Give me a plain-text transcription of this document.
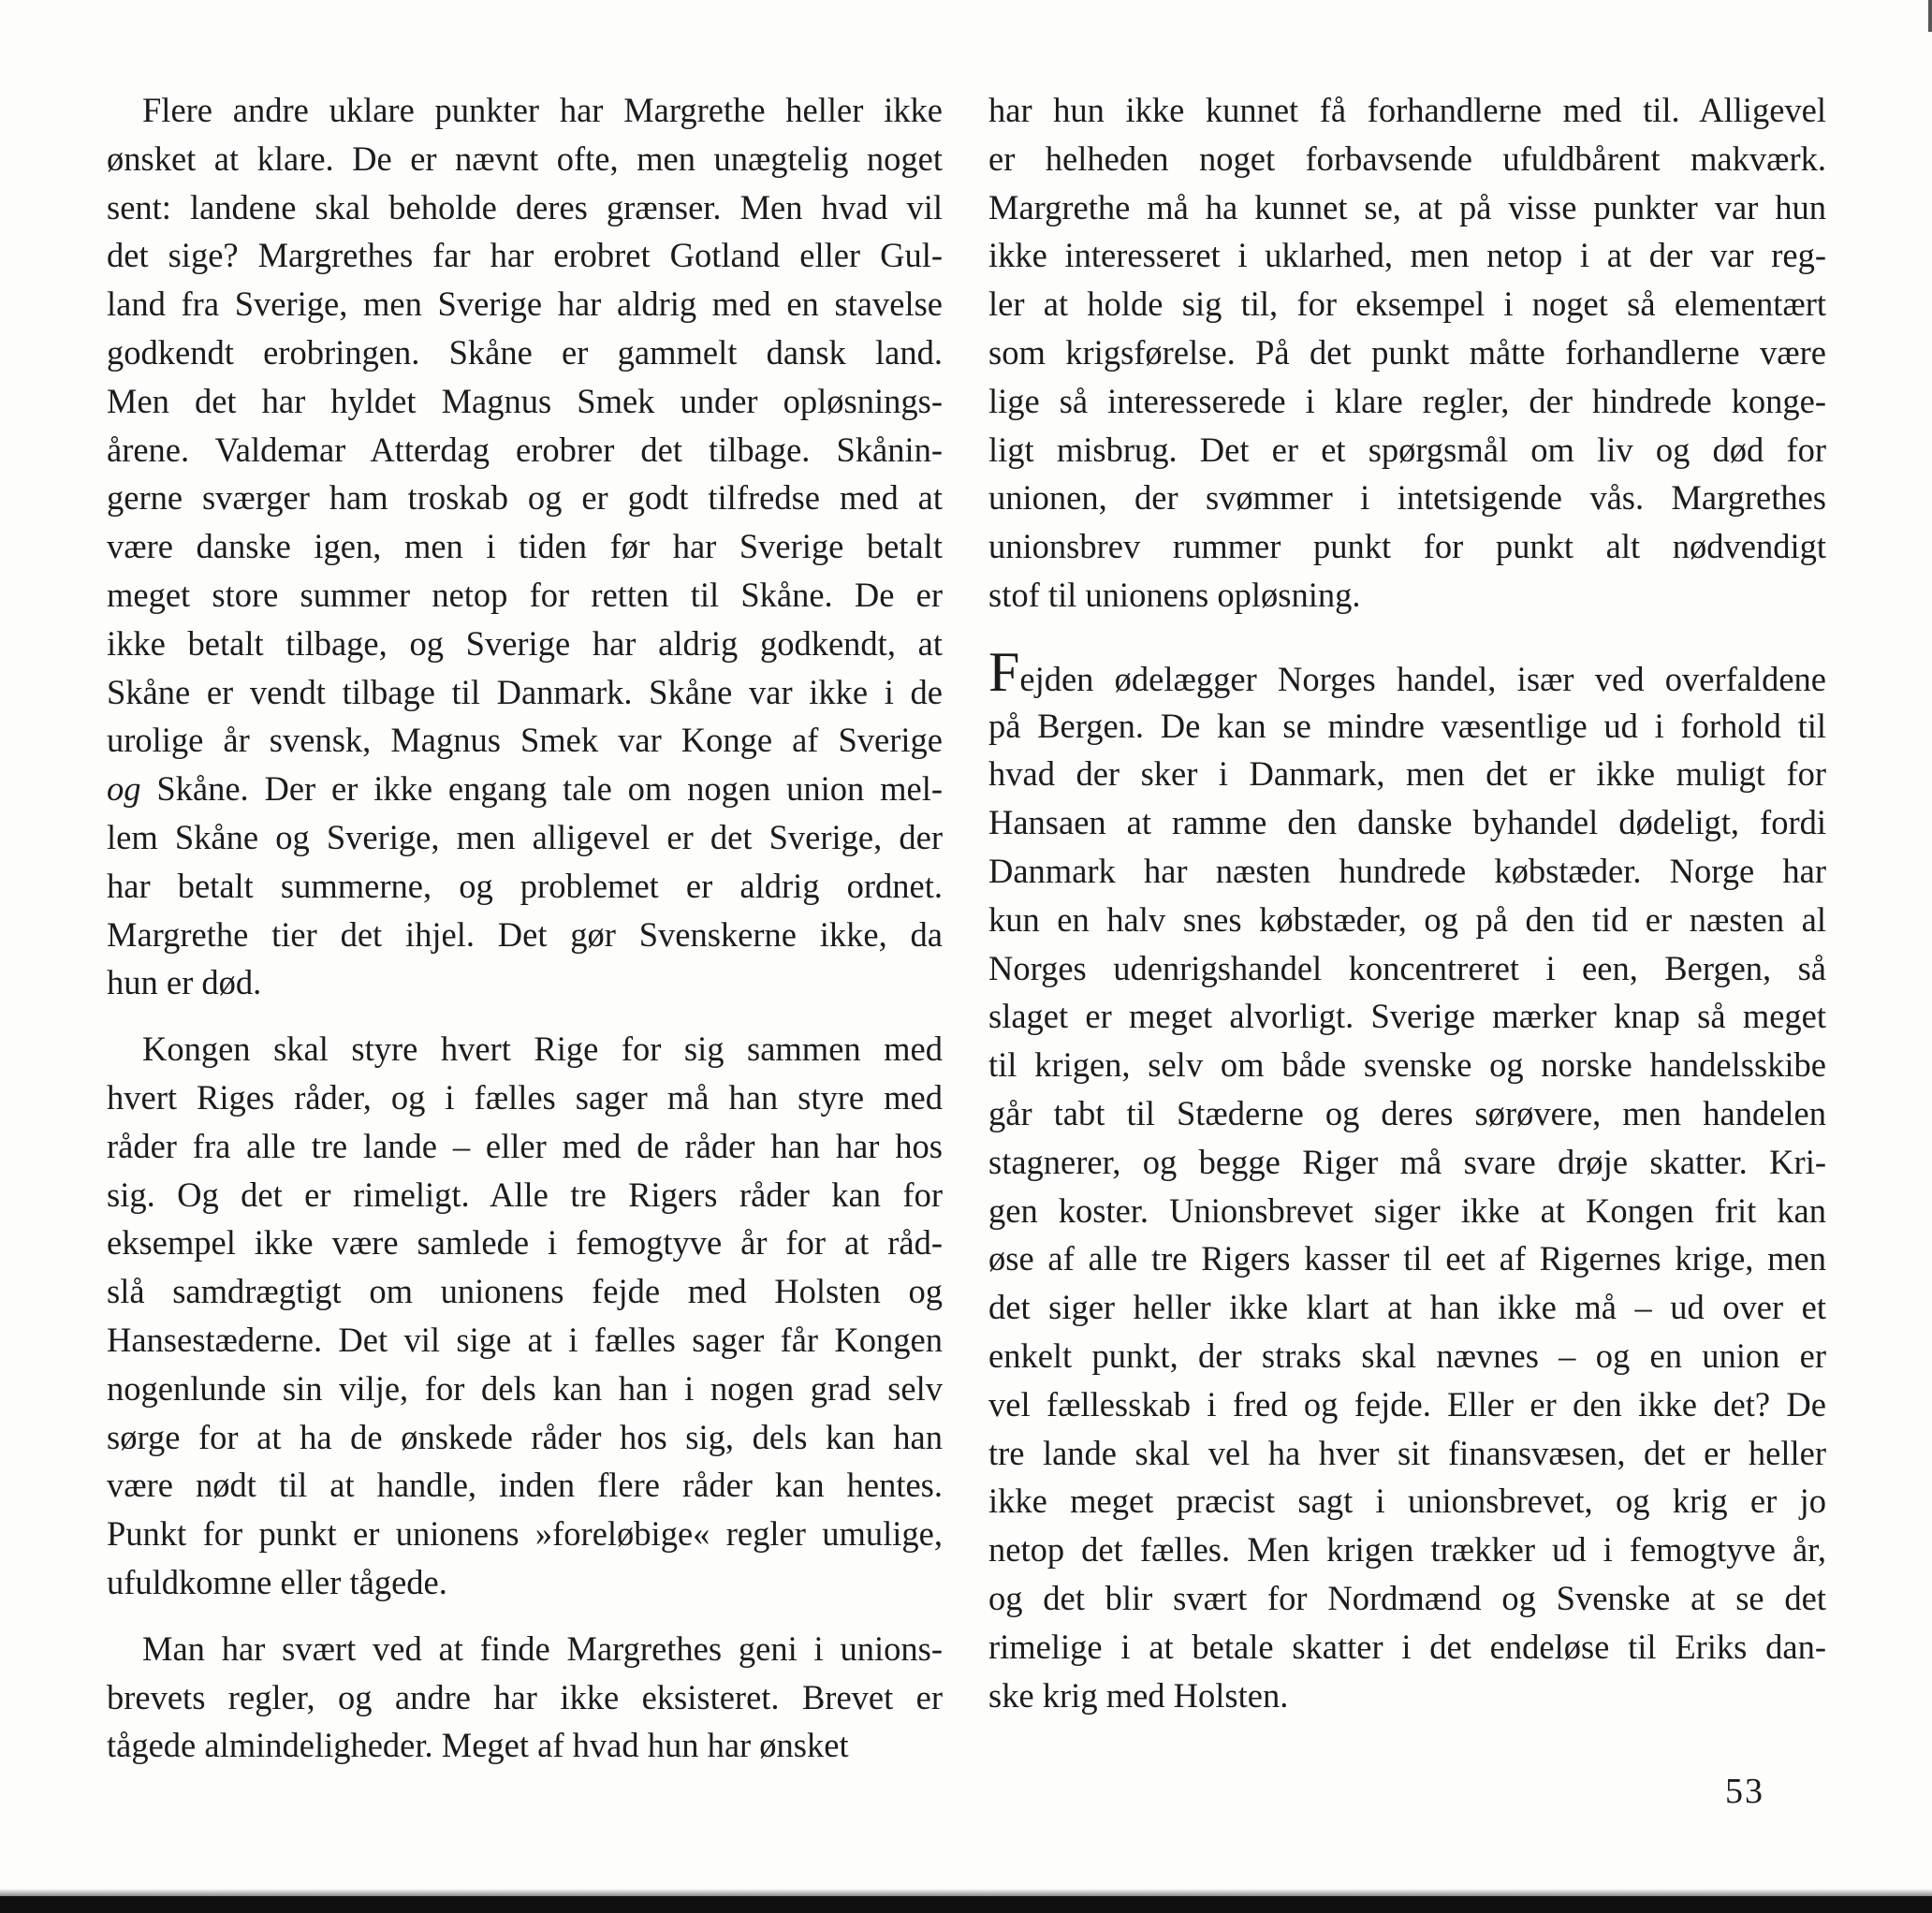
Flere andre uklare punkter har Margrethe heller ikke
ønsket at klare. De er nævnt ofte, men unægtelig noget
sent: landene skal beholde deres grænser. Men hvad vil
det sige? Margrethes far har erobret Gotland eller Gul-
land fra Sverige, men Sverige har aldrig med en stavelse
godkendt erobringen. Skåne er gammelt dansk land.
Men det har hyldet Magnus Smek under opløsnings-
årene. Valdemar Atterdag erobrer det tilbage. Skånin-
gerne sværger ham troskab og er godt tilfredse med at
være danske igen, men i tiden før har Sverige betalt
meget store summer netop for retten til Skåne. De er
ikke betalt tilbage, og Sverige har aldrig godkendt, at
Skåne er vendt tilbage til Danmark. Skåne var ikke i de
urolige år svensk, Magnus Smek var Konge af Sverige
og Skåne. Der er ikke engang tale om nogen union mel-
lem Skåne og Sverige, men alligevel er det Sverige, der
har betalt summerne, og problemet er aldrig ordnet.
Margrethe tier det ihjel. Det gør Svenskerne ikke, da
hun er død.
Kongen skal styre hvert Rige for sig sammen med
hvert Riges råder, og i fælles sager må han styre med
råder fra alle tre lande – eller med de råder han har hos
sig. Og det er rimeligt. Alle tre Rigers råder kan for
eksempel ikke være samlede i femogtyve år for at råd-
slå samdrægtigt om unionens fejde med Holsten og
Hansestæderne. Det vil sige at i fælles sager får Kongen
nogenlunde sin vilje, for dels kan han i nogen grad selv
sørge for at ha de ønskede råder hos sig, dels kan han
være nødt til at handle, inden flere råder kan hentes.
Punkt for punkt er unionens »foreløbige« regler umulige,
ufuldkomne eller tågede.
Man har svært ved at finde Margrethes geni i unions-
brevets regler, og andre har ikke eksisteret. Brevet er
tågede almindeligheder. Meget af hvad hun har ønsket
har hun ikke kunnet få forhandlerne med til. Alligevel
er helheden noget forbavsende ufuldbårent makværk.
Margrethe må ha kunnet se, at på visse punkter var hun
ikke interesseret i uklarhed, men netop i at der var reg-
ler at holde sig til, for eksempel i noget så elementært
som krigsførelse. På det punkt måtte forhandlerne være
lige så interesserede i klare regler, der hindrede konge-
ligt misbrug. Det er et spørgsmål om liv og død for
unionen, der svømmer i intetsigende vås. Margrethes
unionsbrev rummer punkt for punkt alt nødvendigt
stof til unionens opløsning.
Fejden ødelægger Norges handel, især ved overfaldene
på Bergen. De kan se mindre væsentlige ud i forhold til
hvad der sker i Danmark, men det er ikke muligt for
Hansaen at ramme den danske byhandel dødeligt, fordi
Danmark har næsten hundrede købstæder. Norge har
kun en halv snes købstæder, og på den tid er næsten al
Norges udenrigshandel koncentreret i een, Bergen, så
slaget er meget alvorligt. Sverige mærker knap så meget
til krigen, selv om både svenske og norske handelsskibe
går tabt til Stæderne og deres sørøvere, men handelen
stagnerer, og begge Riger må svare drøje skatter. Kri-
gen koster. Unionsbrevet siger ikke at Kongen frit kan
øse af alle tre Rigers kasser til eet af Rigernes krige, men
det siger heller ikke klart at han ikke må – ud over et
enkelt punkt, der straks skal nævnes – og en union er
vel fællesskab i fred og fejde. Eller er den ikke det? De
tre lande skal vel ha hver sit finansvæsen, det er heller
ikke meget præcist sagt i unionsbrevet, og krig er jo
netop det fælles. Men krigen trækker ud i femogtyve år,
og det blir svært for Nordmænd og Svenske at se det
rimelige i at betale skatter i det endeløse til Eriks dan-
ske krig med Holsten.
53
